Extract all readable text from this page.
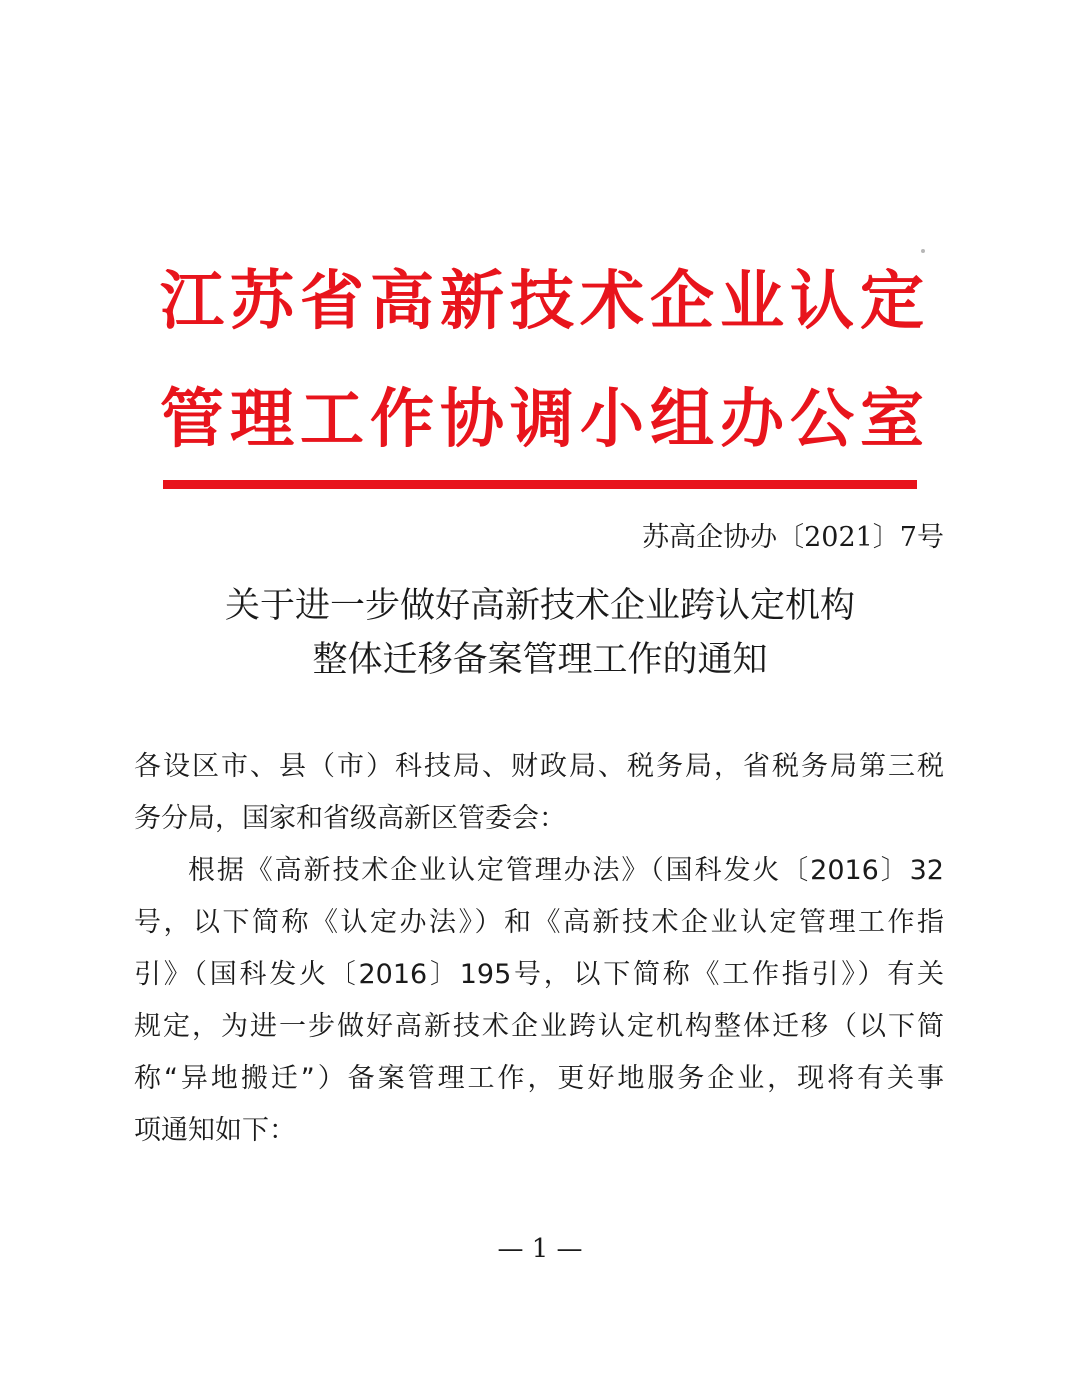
江苏省高新技术企业认定
管理工作协调小组办公室
苏高企协办〔2021〕7号
关于进一步做好高新技术企业跨认定机构
整体迁移备案管理工作的通知
各设区市、县（市）科技局、财政局、税务局，省税务局第三税
务分局，国家和省级高新区管委会：
根据《高新技术企业认定管理办法》（国科发火〔2016〕32
号，以下简称《认定办法》）和《高新技术企业认定管理工作指
引》（国科发火〔2016〕195号，以下简称《工作指引》）有关
规定，为进一步做好高新技术企业跨认定机构整体迁移（以下简
称“异地搬迁”）备案管理工作，更好地服务企业，现将有关事
项通知如下：
— 1 —
